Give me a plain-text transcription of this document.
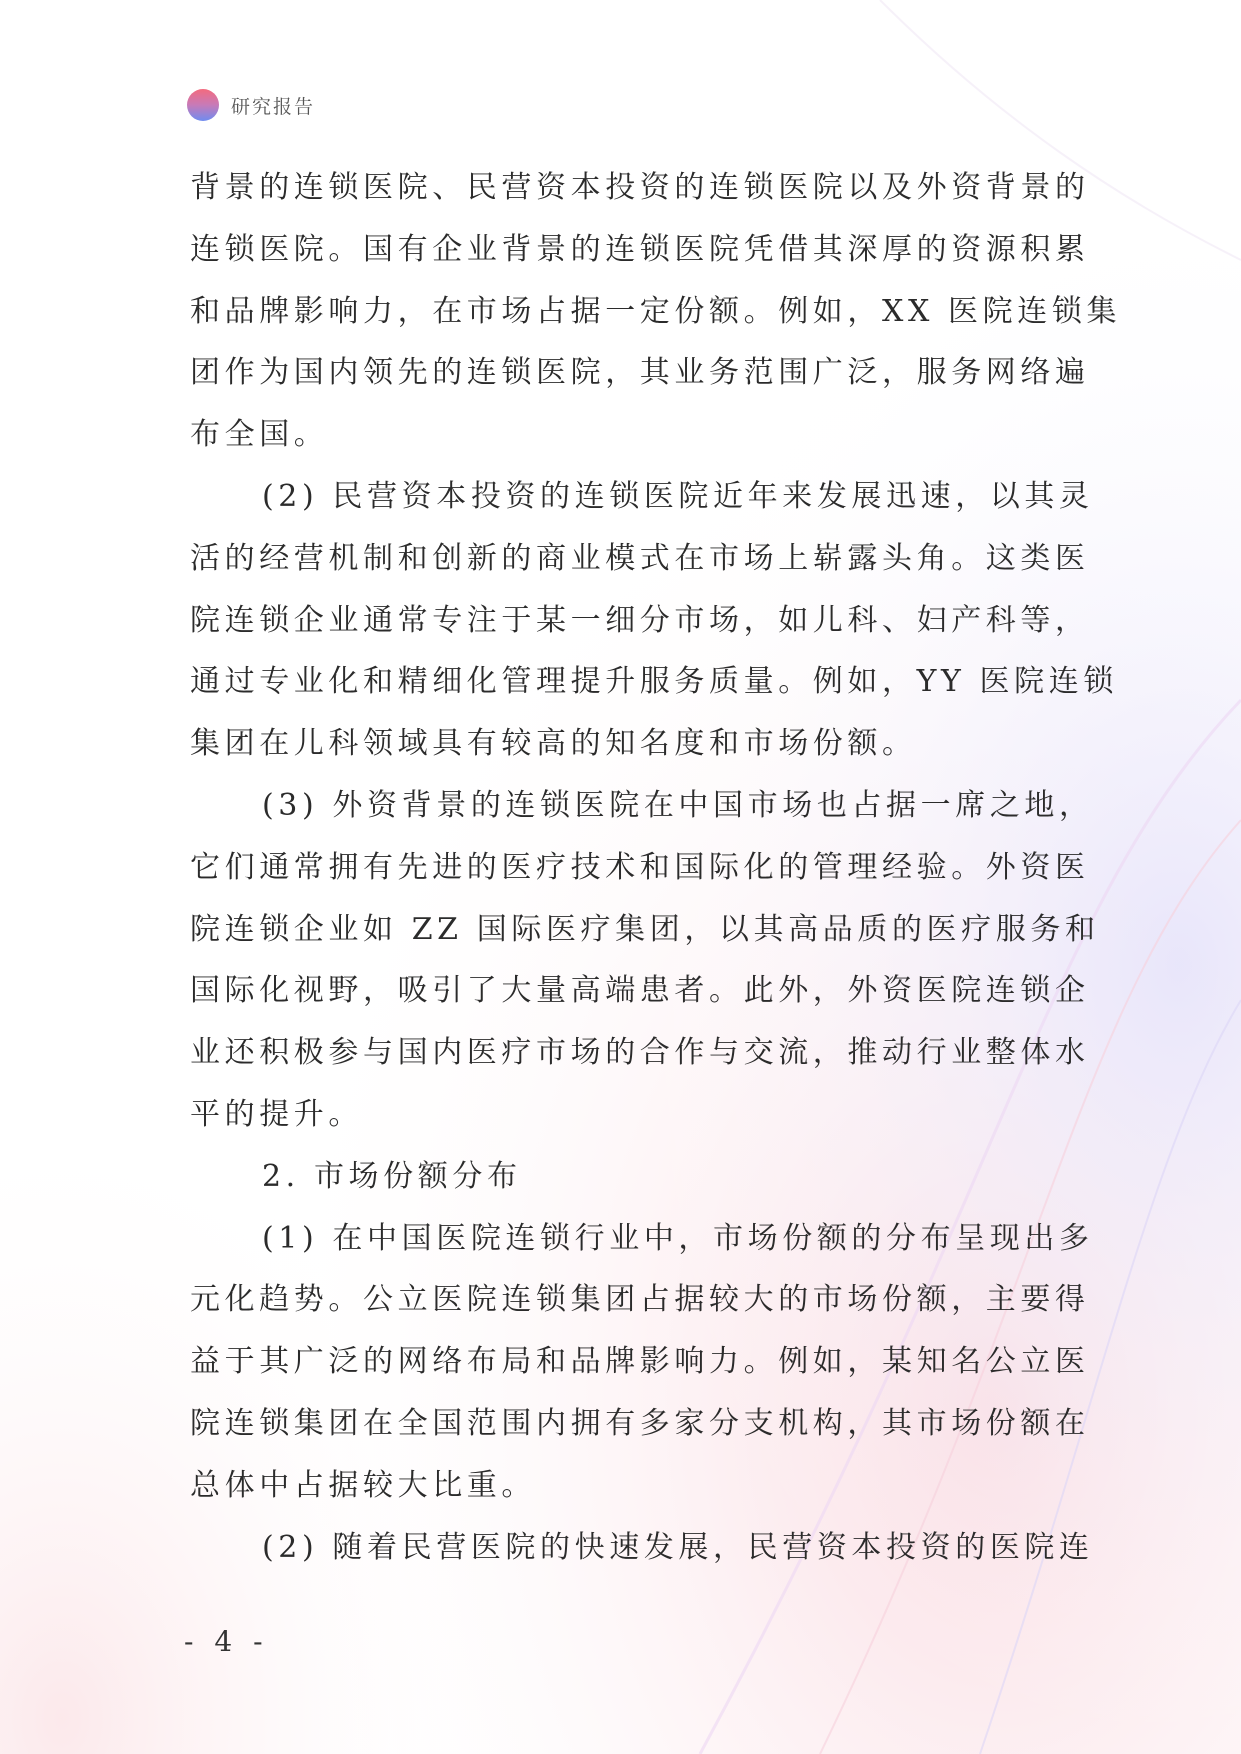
研究报告
背景的连锁医院、民营资本投资的连锁医院以及外资背景的
连锁医院。国有企业背景的连锁医院凭借其深厚的资源积累
和品牌影响力，在市场占据一定份额。例如，XX 医院连锁集
团作为国内领先的连锁医院，其业务范围广泛，服务网络遍
布全国。
(2) 民营资本投资的连锁医院近年来发展迅速，以其灵
活的经营机制和创新的商业模式在市场上崭露头角。这类医
院连锁企业通常专注于某一细分市场，如儿科、妇产科等，
通过专业化和精细化管理提升服务质量。例如，YY 医院连锁
集团在儿科领域具有较高的知名度和市场份额。
(3) 外资背景的连锁医院在中国市场也占据一席之地，
它们通常拥有先进的医疗技术和国际化的管理经验。外资医
院连锁企业如 ZZ 国际医疗集团，以其高品质的医疗服务和
国际化视野，吸引了大量高端患者。此外，外资医院连锁企
业还积极参与国内医疗市场的合作与交流，推动行业整体水
平的提升。
2. 市场份额分布
(1) 在中国医院连锁行业中，市场份额的分布呈现出多
元化趋势。公立医院连锁集团占据较大的市场份额，主要得
益于其广泛的网络布局和品牌影响力。例如，某知名公立医
院连锁集团在全国范围内拥有多家分支机构，其市场份额在
总体中占据较大比重。
(2) 随着民营医院的快速发展，民营资本投资的医院连
- 4 -
